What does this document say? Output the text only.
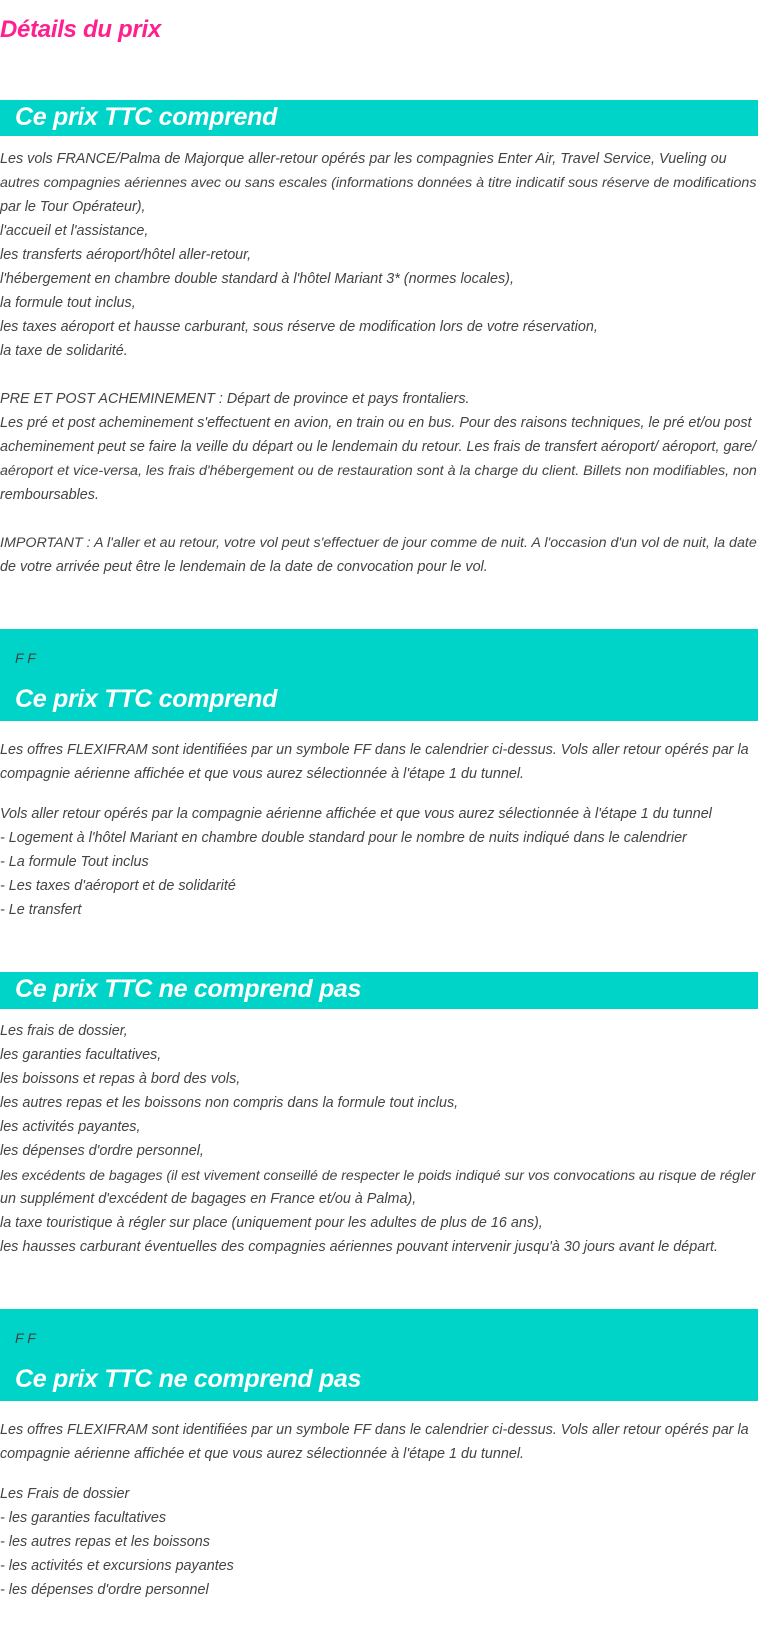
Détails du prix
Ce prix TTC comprend
Les vols FRANCE/Palma de Majorque aller-retour opérés par les compagnies Enter Air, Travel Service, Vueling ou
autres compagnies aériennes avec ou sans escales (informations données à titre indicatif sous réserve de modifications
par le Tour Opérateur),
l'accueil et l'assistance,
les transferts aéroport/hôtel aller-retour,
l'hébergement en chambre double standard à l'hôtel Mariant 3* (normes locales),
la formule tout inclus,
les taxes aéroport et hausse carburant, sous réserve de modification lors de votre réservation,
la taxe de solidarité.
PRE ET POST ACHEMINEMENT : Départ de province et pays frontaliers.
Les pré et post acheminement s'effectuent en avion, en train ou en bus. Pour des raisons techniques, le pré et/ou post
acheminement peut se faire la veille du départ ou le lendemain du retour. Les frais de transfert aéroport/ aéroport, gare/
aéroport et vice-versa, les frais d'hébergement ou de restauration sont à la charge du client. Billets non modifiables, non
remboursables.
IMPORTANT : A l'aller et au retour, votre vol peut s'effectuer de jour comme de nuit. A l'occasion d'un vol de nuit, la date
de votre arrivée peut être le lendemain de la date de convocation pour le vol.
F F
Ce prix TTC comprend
Les offres FLEXIFRAM sont identifiées par un symbole FF dans le calendrier ci-dessus. Vols aller retour opérés par la
compagnie aérienne affichée et que vous aurez sélectionnée à l'étape 1 du tunnel.
Vols aller retour opérés par la compagnie aérienne affichée et que vous aurez sélectionnée à l'étape 1 du tunnel
- Logement à l'hôtel Mariant en chambre double standard pour le nombre de nuits indiqué dans le calendrier
- La formule Tout inclus
- Les taxes d'aéroport et de solidarité
- Le transfert
Ce prix TTC ne comprend pas
Les frais de dossier,
les garanties facultatives,
les boissons et repas à bord des vols,
les autres repas et les boissons non compris dans la formule tout inclus,
les activités payantes,
les dépenses d'ordre personnel,
les excédents de bagages (il est vivement conseillé de respecter le poids indiqué sur vos convocations au risque de régler
un supplément d'excédent de bagages en France et/ou à Palma),
la taxe touristique à régler sur place (uniquement pour les adultes de plus de 16 ans),
les hausses carburant éventuelles des compagnies aériennes pouvant intervenir jusqu'à 30 jours avant le départ.
F F
Ce prix TTC ne comprend pas
Les offres FLEXIFRAM sont identifiées par un symbole FF dans le calendrier ci-dessus. Vols aller retour opérés par la
compagnie aérienne affichée et que vous aurez sélectionnée à l'étape 1 du tunnel.
Les Frais de dossier
- les garanties facultatives
- les autres repas et les boissons
- les activités et excursions payantes
- les dépenses d'ordre personnel
